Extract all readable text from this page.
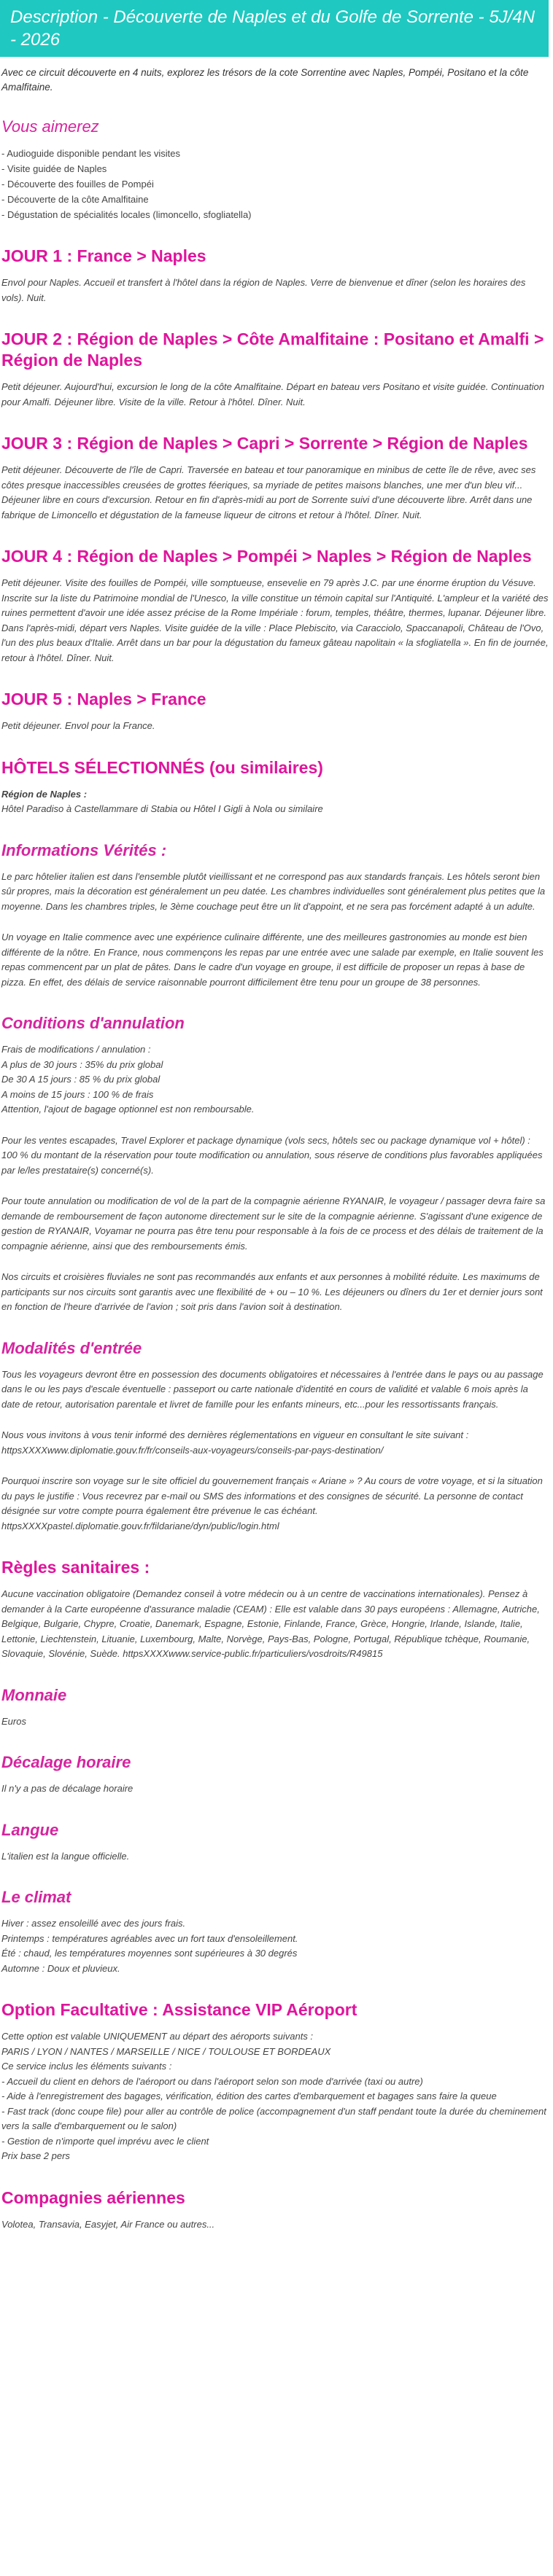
Description - Découverte de Naples et du Golfe de Sorrente - 5J/4N - 2026
Avec ce circuit découverte en 4 nuits, explorez les trésors de la cote Sorrentine avec Naples, Pompéi, Positano et la côte Amalfitaine.
Vous aimerez
- Audioguide disponible pendant les visites
- Visite guidée de Naples
- Découverte des fouilles de Pompéi
- Découverte de la côte Amalfitaine
- Dégustation de spécialités locales (limoncello, sfogliatella)
JOUR 1 : France > Naples
Envol pour Naples. Accueil et transfert à l'hôtel dans la région de Naples. Verre de bienvenue et dîner (selon les horaires des vols). Nuit.
JOUR 2 : Région de Naples > Côte Amalfitaine : Positano et Amalfi > Région de Naples
Petit déjeuner. Aujourd'hui, excursion le long de la côte Amalfitaine. Départ en bateau vers Positano et visite guidée. Continuation pour Amalfi. Déjeuner libre. Visite de la ville. Retour à l'hôtel. Dîner. Nuit.
JOUR 3 : Région de Naples > Capri > Sorrente > Région de Naples
Petit déjeuner. Découverte de l'île de Capri. Traversée en bateau et tour panoramique en minibus de cette île de rêve, avec ses côtes presque inaccessibles creusées de grottes féeriques, sa myriade de petites maisons blanches, une mer d'un bleu vif... Déjeuner libre en cours d'excursion. Retour en fin d'après-midi au port de Sorrente suivi d'une découverte libre. Arrêt dans une fabrique de Limoncello et dégustation de la fameuse liqueur de citrons et retour à l'hôtel. Dîner. Nuit.
JOUR 4 : Région de Naples > Pompéi > Naples > Région de Naples
Petit déjeuner. Visite des fouilles de Pompéi, ville somptueuse, ensevelie en 79 après J.C. par une énorme éruption du Vésuve. Inscrite sur la liste du Patrimoine mondial de l'Unesco, la ville constitue un témoin capital sur l'Antiquité. L'ampleur et la variété des ruines permettent d'avoir une idée assez précise de la Rome Impériale : forum, temples, théâtre, thermes, lupanar. Déjeuner libre. Dans l'après-midi, départ vers Naples. Visite guidée de la ville : Place Plebiscito, via Caracciolo, Spaccanapoli, Château de l'Ovo, l'un des plus beaux d'Italie. Arrêt dans un bar pour la dégustation du fameux gâteau napolitain « la sfogliatella ». En fin de journée, retour à l'hôtel. Dîner. Nuit.
JOUR 5 : Naples > France
Petit déjeuner. Envol pour la France.
HÔTELS SÉLECTIONNÉS (ou similaires)
Région de Naples :
Hôtel Paradiso à Castellammare di Stabia ou Hôtel I Gigli à Nola ou similaire
Informations Vérités :

Le parc hôtelier italien est dans l'ensemble plutôt vieillissant et ne correspond pas aux standards français. Les hôtels seront bien sûr propres, mais la décoration est généralement un peu datée. Les chambres individuelles sont généralement plus petites que la moyenne. Dans les chambres triples, le 3ème couchage peut être un lit d'appoint, et ne sera pas forcément adapté à un adulte.

Un voyage en Italie commence avec une expérience culinaire différente, une des meilleures gastronomies au monde est bien différente de la nôtre. En France, nous commençons les repas par une entrée avec une salade par exemple, en Italie souvent les repas commencent par un plat de pâtes. Dans le cadre d'un voyage en groupe, il est difficile de proposer un repas à base de pizza. En effet, des délais de service raisonnable pourront difficilement être tenu pour un groupe de 38 personnes.

Conditions d'annulation

Frais de modifications / annulation :
A plus de 30 jours : 35% du prix global
De 30 A 15 jours : 85 % du prix global
A moins de 15 jours : 100 % de frais
Attention, l'ajout de bagage optionnel est non remboursable.

Pour les ventes escapades, Travel Explorer et package dynamique (vols secs, hôtels sec ou package dynamique vol + hôtel) : 100 % du montant de la réservation pour toute modification ou annulation, sous réserve de conditions plus favorables appliquées par le/les prestataire(s) concerné(s).

Pour toute annulation ou modification de vol de la part de la compagnie aérienne RYANAIR, le voyageur / passager devra faire sa demande de remboursement de façon autonome directement sur le site de la compagnie aérienne. S'agissant d'une exigence de gestion de RYANAIR, Voyamar ne pourra pas être tenu pour responsable à la fois de ce process et des délais de traitement de la compagnie aérienne, ainsi que des remboursements émis.

Nos circuits et croisières fluviales ne sont pas recommandés aux enfants et aux personnes à mobilité réduite. Les maximums de participants sur nos circuits sont garantis avec une flexibilité de + ou – 10 %. Les déjeuners ou dîners du 1er et dernier jours sont en fonction de l'heure d'arrivée de l'avion ; soit pris dans l'avion soit à destination.

Modalités d'entrée

Tous les voyageurs devront être en possession des documents obligatoires et nécessaires à l'entrée dans le pays ou au passage dans le ou les pays d'escale éventuelle : passeport ou carte nationale d'identité en cours de validité et valable 6 mois après la date de retour, autorisation parentale et livret de famille pour les enfants mineurs, etc...pour les ressortissants français.

Nous vous invitons à vous tenir informé des dernières réglementations en vigueur en consultant le site suivant : httpsXXXXwww.diplomatie.gouv.fr/fr/conseils-aux-voyageurs/conseils-par-pays-destination/

Pourquoi inscrire son voyage sur le site officiel du gouvernement français « Ariane » ? Au cours de votre voyage, et si la situation du pays le justifie : Vous recevrez par e-mail ou SMS des informations et des consignes de sécurité. La personne de contact désignée sur votre compte pourra également être prévenue le cas échéant. httpsXXXXpastel.diplomatie.gouv.fr/fildariane/dyn/public/login.html

Règles sanitaires :
Aucune vaccination obligatoire (Demandez conseil à votre médecin ou à un centre de vaccinations internationales). Pensez à demander à la Carte européenne d'assurance maladie (CEAM) : Elle est valable dans 30 pays européens : Allemagne, Autriche, Belgique, Bulgarie, Chypre, Croatie, Danemark, Espagne, Estonie, Finlande, France, Grèce, Hongrie, Irlande, Islande, Italie, Lettonie, Liechtenstein, Lituanie, Luxembourg, Malte, Norvège, Pays-Bas, Pologne, Portugal, République tchèque, Roumanie, Slovaquie, Slovénie, Suède. httpsXXXXwww.service-public.fr/particuliers/vosdroits/R49815
Monnaie
Euros
Décalage horaire
Il n'y a pas de décalage horaire
Langue
L'italien est la langue officielle.
Le climat
Hiver : assez ensoleillé avec des jours frais.
Printemps : températures agréables avec un fort taux d'ensoleillement.
Été : chaud, les températures moyennes sont supérieures à 30 degrés
Automne : Doux et pluvieux.
Option Facultative : Assistance VIP Aéroport
Cette option est valable UNIQUEMENT au départ des aéroports suivants :
PARIS / LYON / NANTES / MARSEILLE / NICE / TOULOUSE ET BORDEAUX
Ce service inclus les éléments suivants :
- Accueil du client en dehors de l'aéroport ou dans l'aéroport selon son mode d'arrivée (taxi ou autre)
- Aide à l'enregistrement des bagages, vérification, édition des cartes d'embarquement et bagages sans faire la queue
- Fast track (donc coupe file) pour aller au contrôle de police (accompagnement d'un staff pendant toute la durée du cheminement vers la salle d'embarquement ou le salon)
- Gestion de n'importe quel imprévu avec le client
Prix base 2 pers
Compagnies aériennes
Volotea, Transavia, Easyjet, Air France ou autres...
